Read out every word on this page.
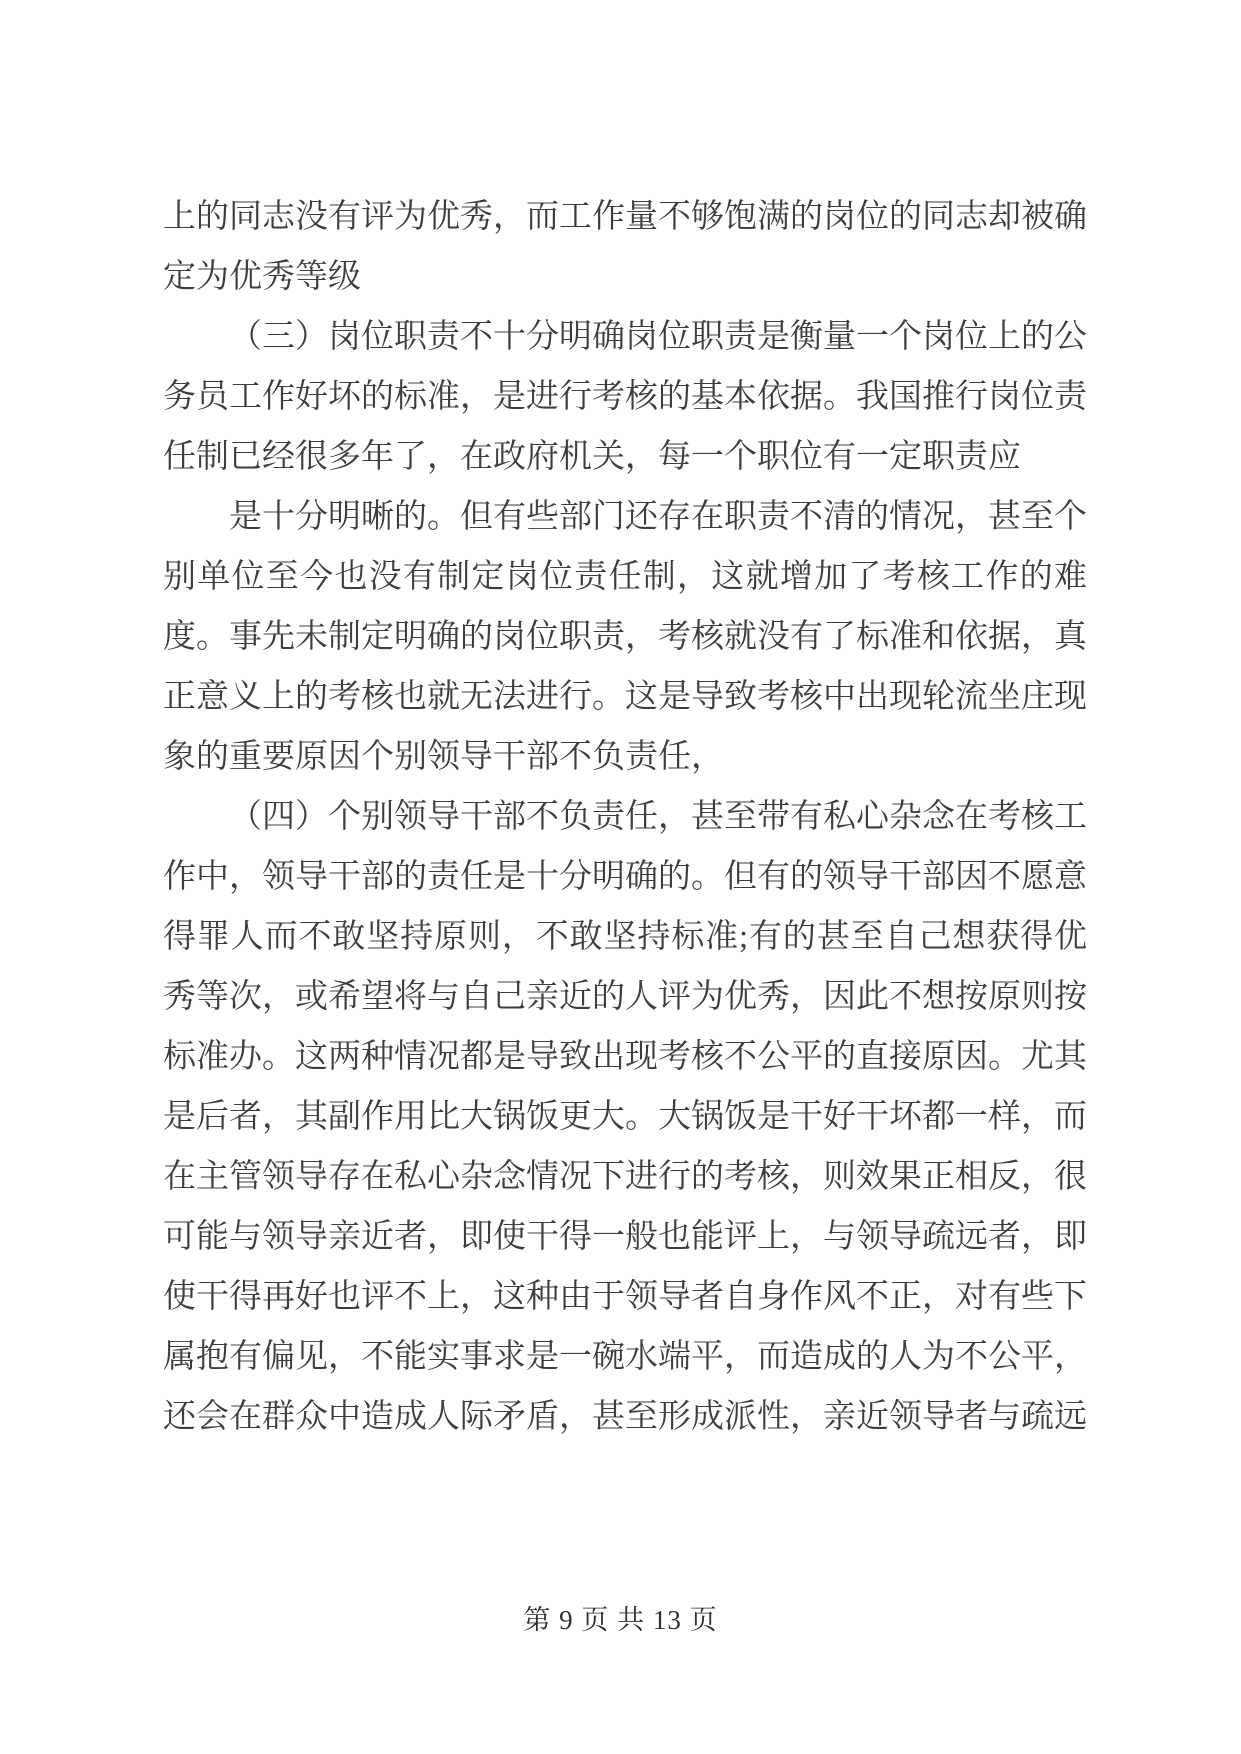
上的同志没有评为优秀，而工作量不够饱满的岗位的同志却被确定为优秀等级

（三）岗位职责不十分明确岗位职责是衡量一个岗位上的公务员工作好坏的标准，是进行考核的基本依据。我国推行岗位责任制已经很多年了，在政府机关，每一个职位有一定职责应

是十分明晰的。但有些部门还存在职责不清的情况，甚至个别单位至今也没有制定岗位责任制，这就增加了考核工作的难度。事先未制定明确的岗位职责，考核就没有了标准和依据，真正意义上的考核也就无法进行。这是导致考核中出现轮流坐庄现象的重要原因个别领导干部不负责任，

（四）个别领导干部不负责任，甚至带有私心杂念在考核工作中，领导干部的责任是十分明确的。但有的领导干部因不愿意得罪人而不敢坚持原则，不敢坚持标准;有的甚至自己想获得优秀等次，或希望将与自己亲近的人评为优秀，因此不想按原则按标准办。这两种情况都是导致出现考核不公平的直接原因。尤其是后者，其副作用比大锅饭更大。大锅饭是干好干坏都一样，而在主管领导存在私心杂念情况下进行的考核，则效果正相反，很可能与领导亲近者，即使干得一般也能评上，与领导疏远者，即使干得再好也评不上，这种由于领导者自身作风不正，对有些下属抱有偏见，不能实事求是一碗水端平，而造成的人为不公平，还会在群众中造成人际矛盾，甚至形成派性，亲近领导者与疏远

第 9 页 共 13 页
